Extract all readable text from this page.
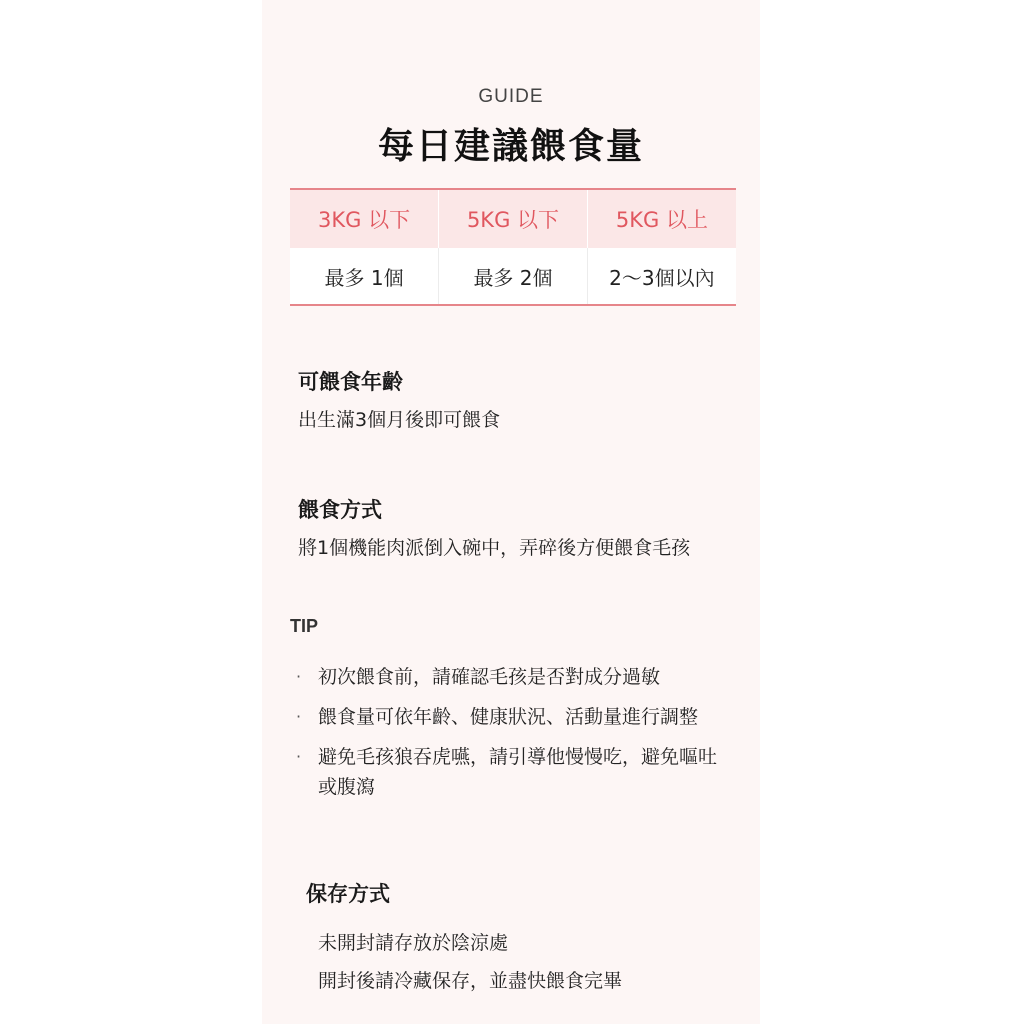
GUIDE
每日建議餵食量
3KG 以下	5KG 以下	5KG 以上
最多 1個	最多 2個	2～3個以內
可餵食年齡
出生滿3個月後即可餵食
餵食方式
將1個機能肉派倒入碗中，弄碎後方便餵食毛孩
TIP
· 初次餵食前，請確認毛孩是否對成分過敏
· 餵食量可依年齡、健康狀況、活動量進行調整
· 避免毛孩狼吞虎嚥，請引導他慢慢吃，避免嘔吐或腹瀉
保存方式
未開封請存放於陰涼處
開封後請冷藏保存，並盡快餵食完畢
